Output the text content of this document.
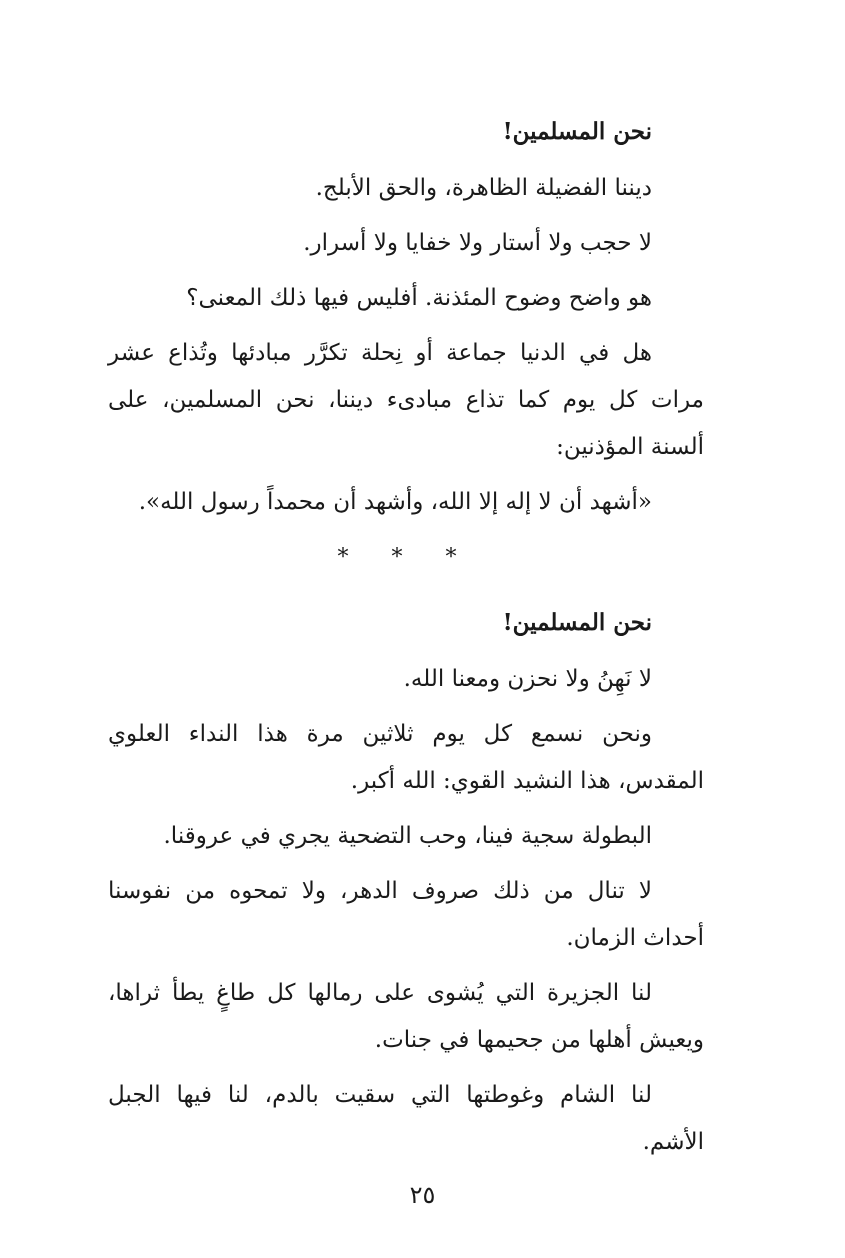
نحن المسلمين!

ديننا الفضيلة الظاهرة، والحق الأبلج.

لا حجب ولا أستار ولا خفايا ولا أسرار.

هو واضح وضوح المئذنة. أفليس فيها ذلك المعنى؟

هل في الدنيا جماعة أو نِحلة تكرَّر مبادئها وتُذاع عشر مرات كل يوم كما تذاع مبادىء ديننا، نحن المسلمين، على ألسنة المؤذنين:

«أشهد أن لا إله إلا الله، وأشهد أن محمداً رسول الله».

* * *

نحن المسلمين!

لا نَهِنُ ولا نحزن ومعنا الله.

ونحن نسمع كل يوم ثلاثين مرة هذا النداء العلوي المقدس، هذا النشيد القوي: الله أكبر.

البطولة سجية فينا، وحب التضحية يجري في عروقنا.

لا تنال من ذلك صروف الدهر، ولا تمحوه من نفوسنا أحداث الزمان.

لنا الجزيرة التي يُشوى على رمالها كل طاغٍ يطأ ثراها، ويعيش أهلها من جحيمها في جنات.

لنا الشام وغوطتها التي سقيت بالدم، لنا فيها الجبل الأشم.

٢٥
